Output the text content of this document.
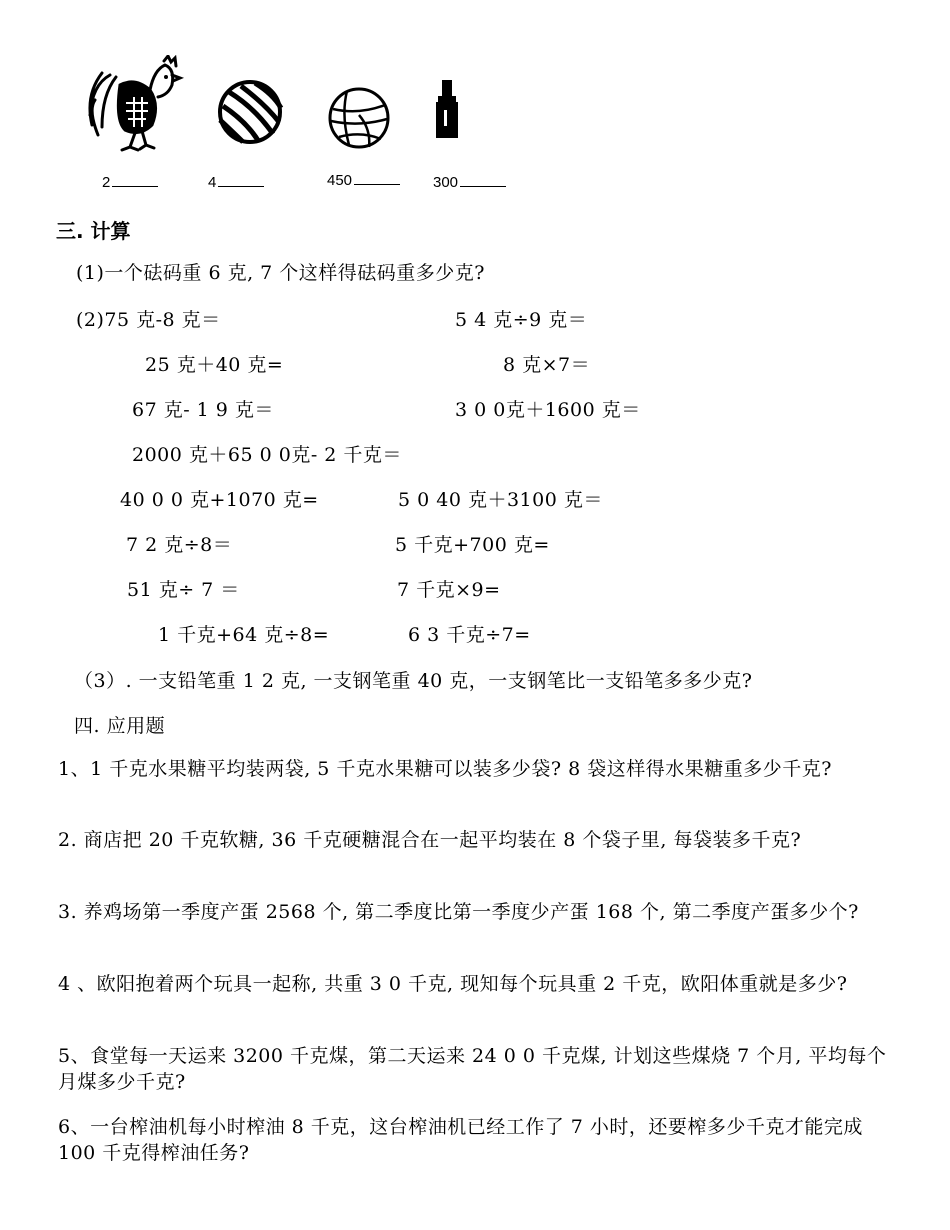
2	4	450	300
三. 计算
(1)一个砝码重 6 克, 7 个这样得砝码重多少克?
(2)75 克-8 克＝	5 4 克÷9 克＝
25 克＋40 克=	8 克×7＝
67 克- 1 9 克＝	3 0 0克＋1600 克＝
2000 克＋65 0 0克- 2 千克＝
40 0 0 克+1070 克=	5 0 40 克＋3100 克＝
7 2 克÷8＝	5 千克+700 克=
51 克÷ 7 ＝	7 千克×9=
1 千克+64 克÷8=	6 3 千克÷7=
（3）. 一支铅笔重 1 2 克, 一支钢笔重 40 克，一支钢笔比一支铅笔多多少克?
四. 应用题
1、1 千克水果糖平均装两袋, 5 千克水果糖可以装多少袋? 8 袋这样得水果糖重多少千克?
2. 商店把 20 千克软糖, 36 千克硬糖混合在一起平均装在 8 个袋子里, 每袋装多千克?
3. 养鸡场第一季度产蛋 2568 个, 第二季度比第一季度少产蛋 168 个, 第二季度产蛋多少个?
4 、欧阳抱着两个玩具一起称, 共重 3 0 千克, 现知每个玩具重 2 千克，欧阳体重就是多少?
5、食堂每一天运来 3200 千克煤，第二天运来 24 0 0 千克煤, 计划这些煤烧 7 个月, 平均每个月煤多少千克?
6、一台榨油机每小时榨油 8 千克，这台榨油机已经工作了 7 小时，还要榨多少千克才能完成 100 千克得榨油任务?
